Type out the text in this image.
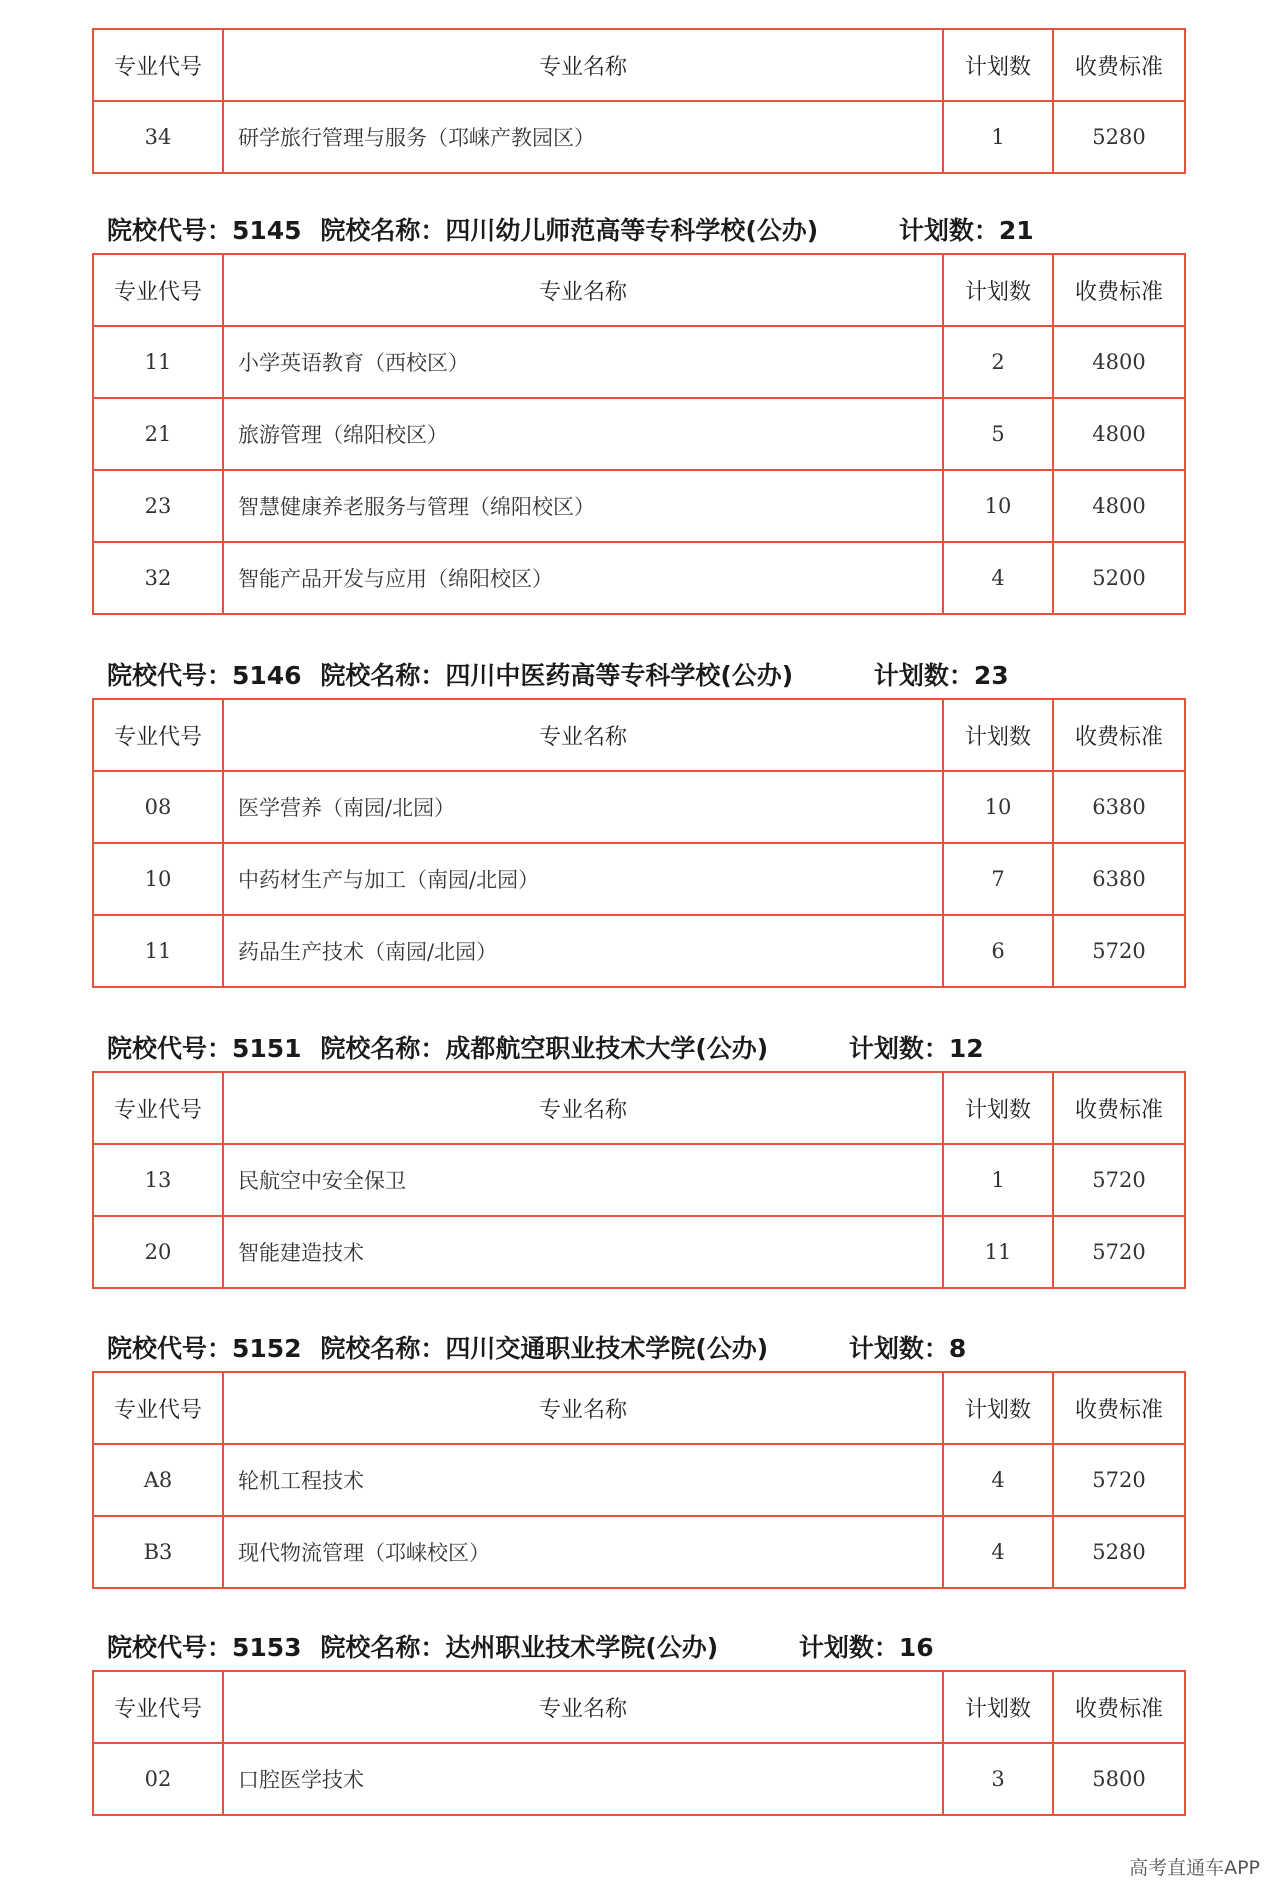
专业代号	专业名称	计划数	收费标准
34	研学旅行管理与服务（邛崃产教园区）	1	5280
院校代号：5145 院校名称：四川幼儿师范高等专科学校(公办)	计划数：21
专业代号	专业名称	计划数	收费标准
11	小学英语教育（西校区）	2	4800
21	旅游管理（绵阳校区）	5	4800
23	智慧健康养老服务与管理（绵阳校区）	10	4800
32	智能产品开发与应用（绵阳校区）	4	5200
院校代号：5146 院校名称：四川中医药高等专科学校(公办)	计划数：23
专业代号	专业名称	计划数	收费标准
08	医学营养（南园/北园）	10	6380
10	中药材生产与加工（南园/北园）	7	6380
11	药品生产技术（南园/北园）	6	5720
院校代号：5151 院校名称：成都航空职业技术大学(公办)	计划数：12
专业代号	专业名称	计划数	收费标准
13	民航空中安全保卫	1	5720
20	智能建造技术	11	5720
院校代号：5152 院校名称：四川交通职业技术学院(公办)	计划数：8
专业代号	专业名称	计划数	收费标准
A8	轮机工程技术	4	5720
B3	现代物流管理（邛崃校区）	4	5280
院校代号：5153 院校名称：达州职业技术学院(公办)	计划数：16
专业代号	专业名称	计划数	收费标准
02	口腔医学技术	3	5800
高考直通车APP
